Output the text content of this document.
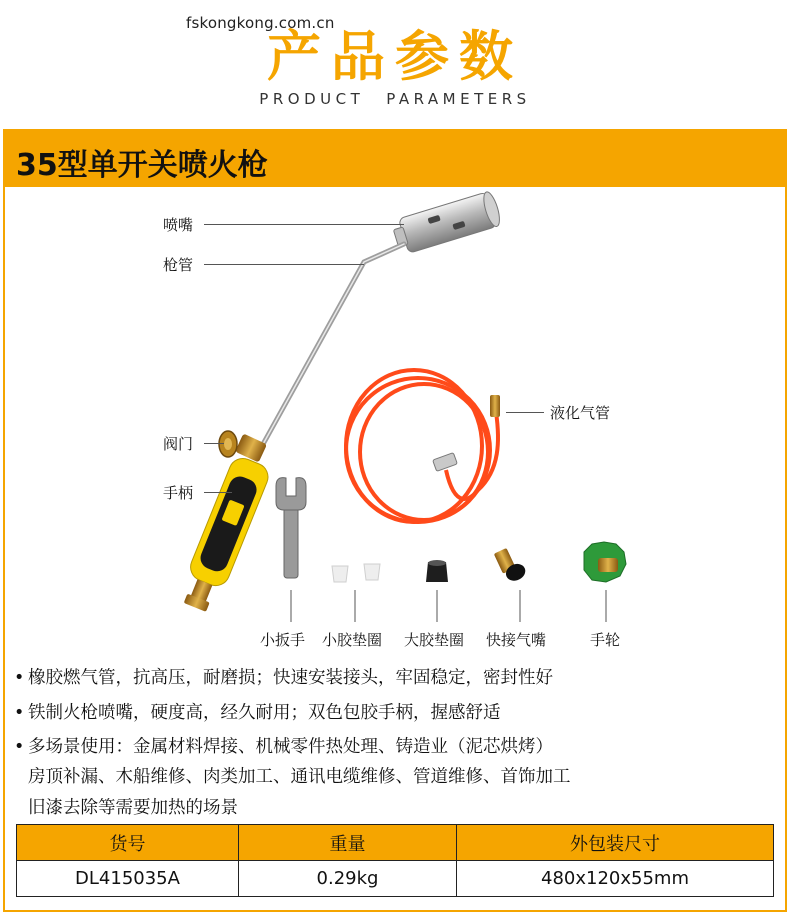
fskongkong.com.cn
产品参数
PRODUCT PARAMETERS
35型单开关喷火枪
喷嘴
枪管
阀门
手柄
液化气管
小扳手 小胶垫圈 大胶垫圈 快接气嘴	手轮
• 橡胶燃气管，抗高压，耐磨损；快速安装接头，牢固稳定，密封性好
• 铁制火枪喷嘴，硬度高，经久耐用；双色包胶手柄，握感舒适
• 多场景使用：金属材料焊接、机械零件热处理、铸造业（泥芯烘烤）
房顶补漏、木船维修、肉类加工、通讯电缆维修、管道维修、首饰加工
旧漆去除等需要加热的场景
货号	重量	外包装尺寸
DL415035A	0.29kg	480x120x55mm
